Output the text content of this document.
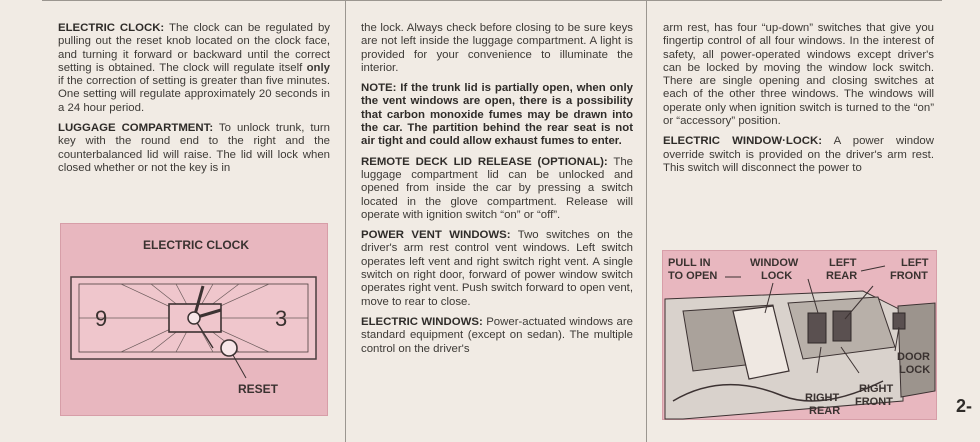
ELECTRIC CLOCK: The clock can be regulated by pulling out the reset knob located on the clock face, and turning it forward or backward until the correct setting is obtained. The clock will regulate itself only if the correction of setting is greater than five minutes. One setting will regulate approximately 20 seconds in a 24 hour period.

LUGGAGE COMPARTMENT: To unlock trunk, turn key with the round end to the right and the counterbalanced lid will raise. The lid will lock when closed whether or not the key is in

the lock. Always check before closing to be sure keys are not left inside the luggage compartment. A light is provided for your convenience to illuminate the interior.

NOTE: If the trunk lid is partially open, when only the vent windows are open, there is a possibility that carbon monoxide fumes may be drawn into the car. The partition behind the rear seat is not air tight and could allow exhaust fumes to enter.

REMOTE DECK LID RELEASE (OPTIONAL): The luggage compartment lid can be unlocked and opened from inside the car by pressing a switch located in the glove compartment. Release will operate with ignition switch “on” or “off”.

POWER VENT WINDOWS: Two switches on the driver's arm rest control vent windows. Left switch operates left vent and right switch right vent. A single switch on right door, forward of power window switch operates right vent. Push switch forward to open vent, move to rear to close.

ELECTRIC WINDOWS: Power-actuated windows are standard equipment (except on sedan). The multiple control on the driver's

arm rest, has four “up-down” switches that give you fingertip control of all four windows. In the interest of safety, all power-operated windows except driver's can be locked by moving the window lock switch. There are single opening and closing switches at each of the other three windows. The windows will operate only when ignition switch is turned to the “on” or “accessory” position.

ELECTRIC WINDOW·LOCK: A power window override switch is provided on the driver's arm rest. This switch will disconnect the power to

ELECTRIC CLOCK
9	3
RESET
PULL IN
TO OPEN
WINDOW
LOCK
LEFT
REAR
LEFT
FRONT
DOOR
LOCK
RIGHT
FRONT
RIGHT
REAR	2-
